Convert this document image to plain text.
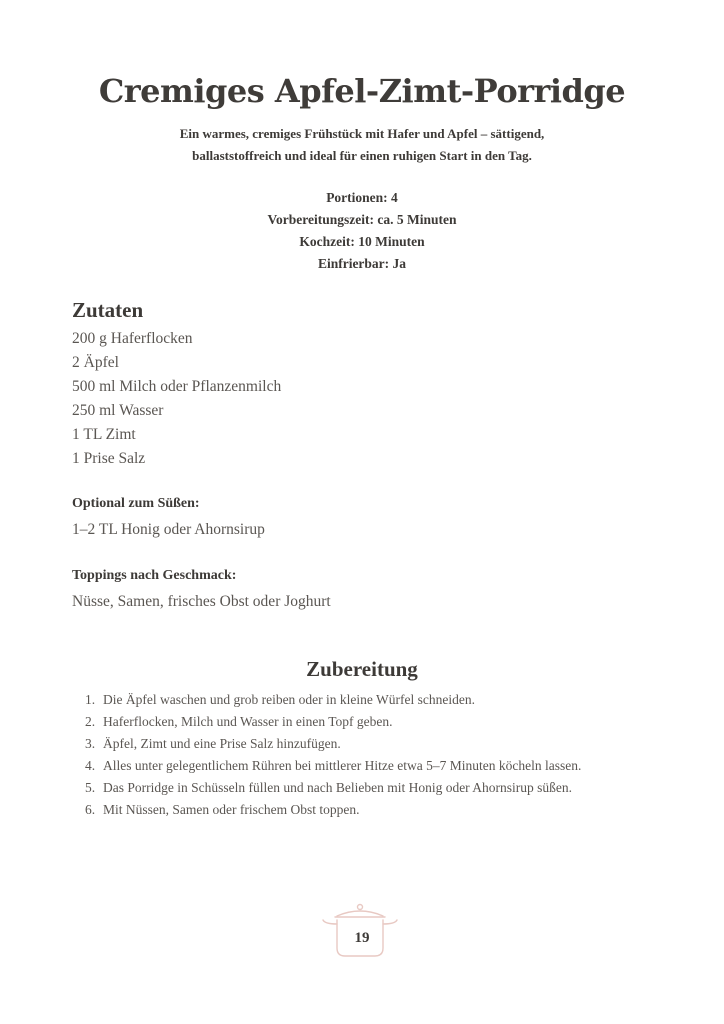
Cremiges Apfel-Zimt-Porridge
Ein warmes, cremiges Frühstück mit Hafer und Apfel – sättigend,
ballaststoffreich und ideal für einen ruhigen Start in den Tag.
Portionen: 4
Vorbereitungszeit: ca. 5 Minuten
Kochzeit: 10 Minuten
Einfrierbar: Ja
Zutaten
200 g Haferflocken
2 Äpfel
500 ml Milch oder Pflanzenmilch
250 ml Wasser
1 TL Zimt
1 Prise Salz
Optional zum Süßen:
1–2 TL Honig oder Ahornsirup
Toppings nach Geschmack:
Nüsse, Samen, frisches Obst oder Joghurt
Zubereitung
1. Die Äpfel waschen und grob reiben oder in kleine Würfel schneiden.
2. Haferflocken, Milch und Wasser in einen Topf geben.
3. Äpfel, Zimt und eine Prise Salz hinzufügen.
4. Alles unter gelegentlichem Rühren bei mittlerer Hitze etwa 5–7 Minuten köcheln lassen.
5. Das Porridge in Schüsseln füllen und nach Belieben mit Honig oder Ahornsirup süßen.
6. Mit Nüssen, Samen oder frischem Obst toppen.
19
